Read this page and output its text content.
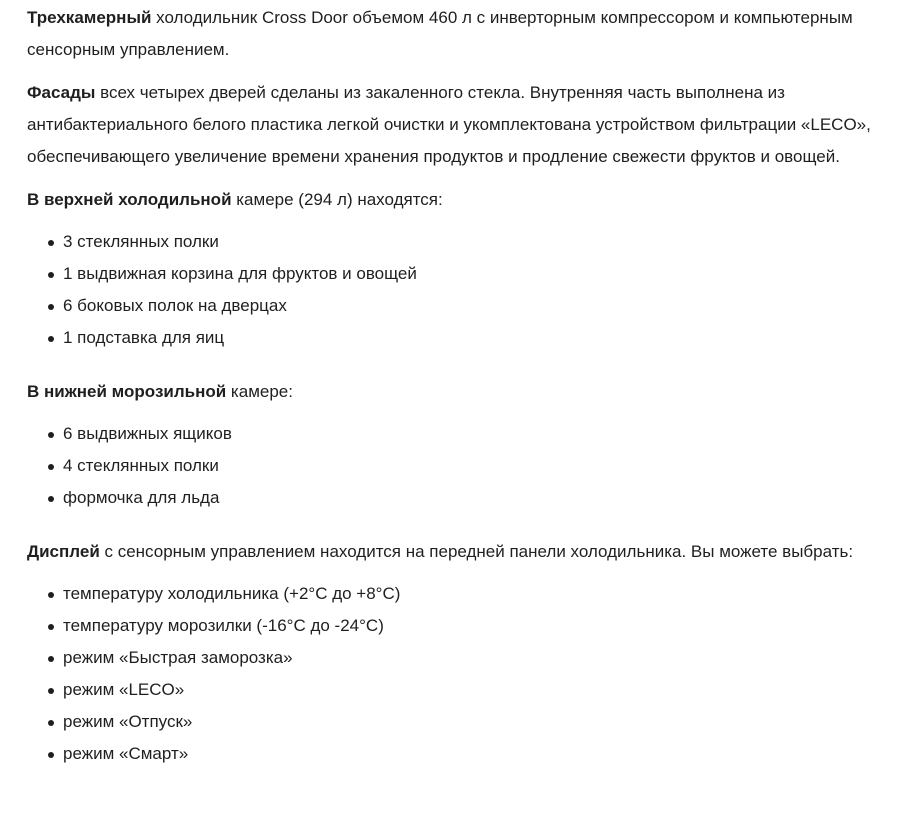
Трехкамерный холодильник Cross Door объемом 460 л с инверторным компрессором и компьютерным сенсорным управлением.

Фасады всех четырех дверей сделаны из закаленного стекла. Внутренняя часть выполнена из антибактериального белого пластика легкой очистки и укомплектована устройством фильтрации «LECO», обеспечивающего увеличение времени хранения продуктов и продление свежести фруктов и овощей.

В верхней холодильной камере (294 л) находятся:

3 стеклянных полки
1 выдвижная корзина для фруктов и овощей
6 боковых полок на дверцах
1 подставка для яиц

В нижней морозильной камере:

6 выдвижных ящиков
4 стеклянных полки
формочка для льда

Дисплей с сенсорным управлением находится на передней панели холодильника. Вы можете выбрать:

температуру холодильника (+2°С до +8°С)
температуру морозилки (-16°С до -24°С)
режим «Быстрая заморозка»
режим «LECO»
режим «Отпуск»
режим «Смарт»
